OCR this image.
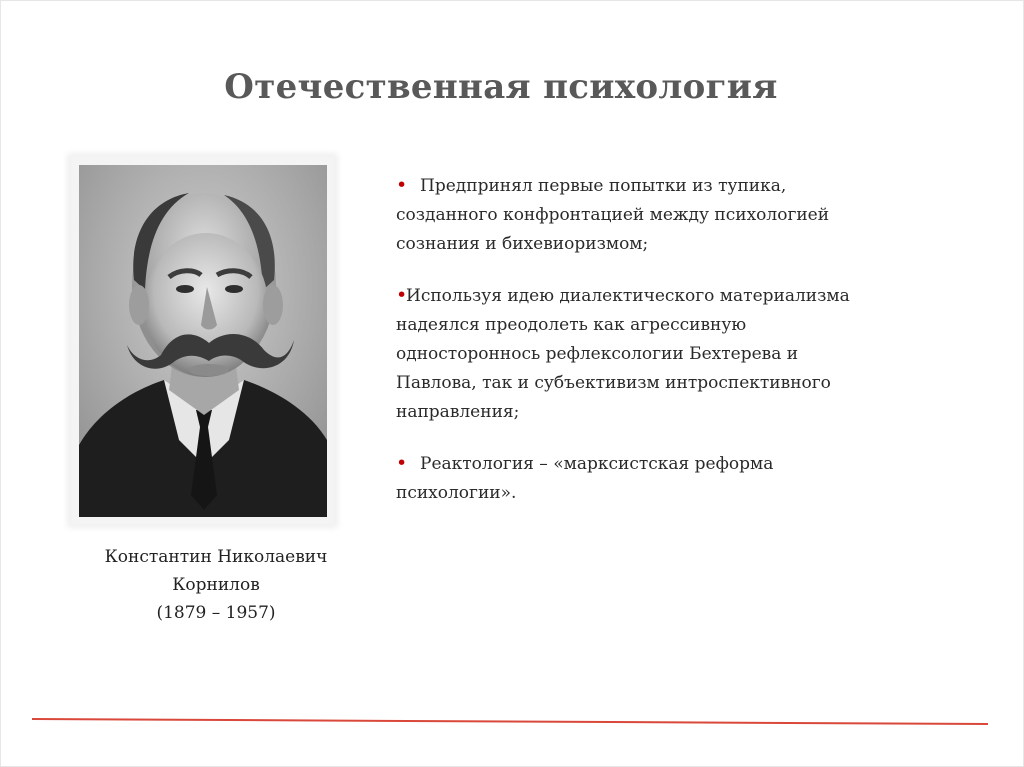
Отечественная психология
Константин Николаевич
Корнилов
(1879 – 1957)
• Предпринял первые попытки из тупика,
созданного конфронтацией между психологией
сознания и бихевиоризмом;
•Используя идею диалектического материализма
надеялся преодолеть как агрессивную
одностороннось рефлексологии Бехтерева и
Павлова, так и субъективизм интроспективного
направления;
• Реактология – «марксистская реформа
психологии».
